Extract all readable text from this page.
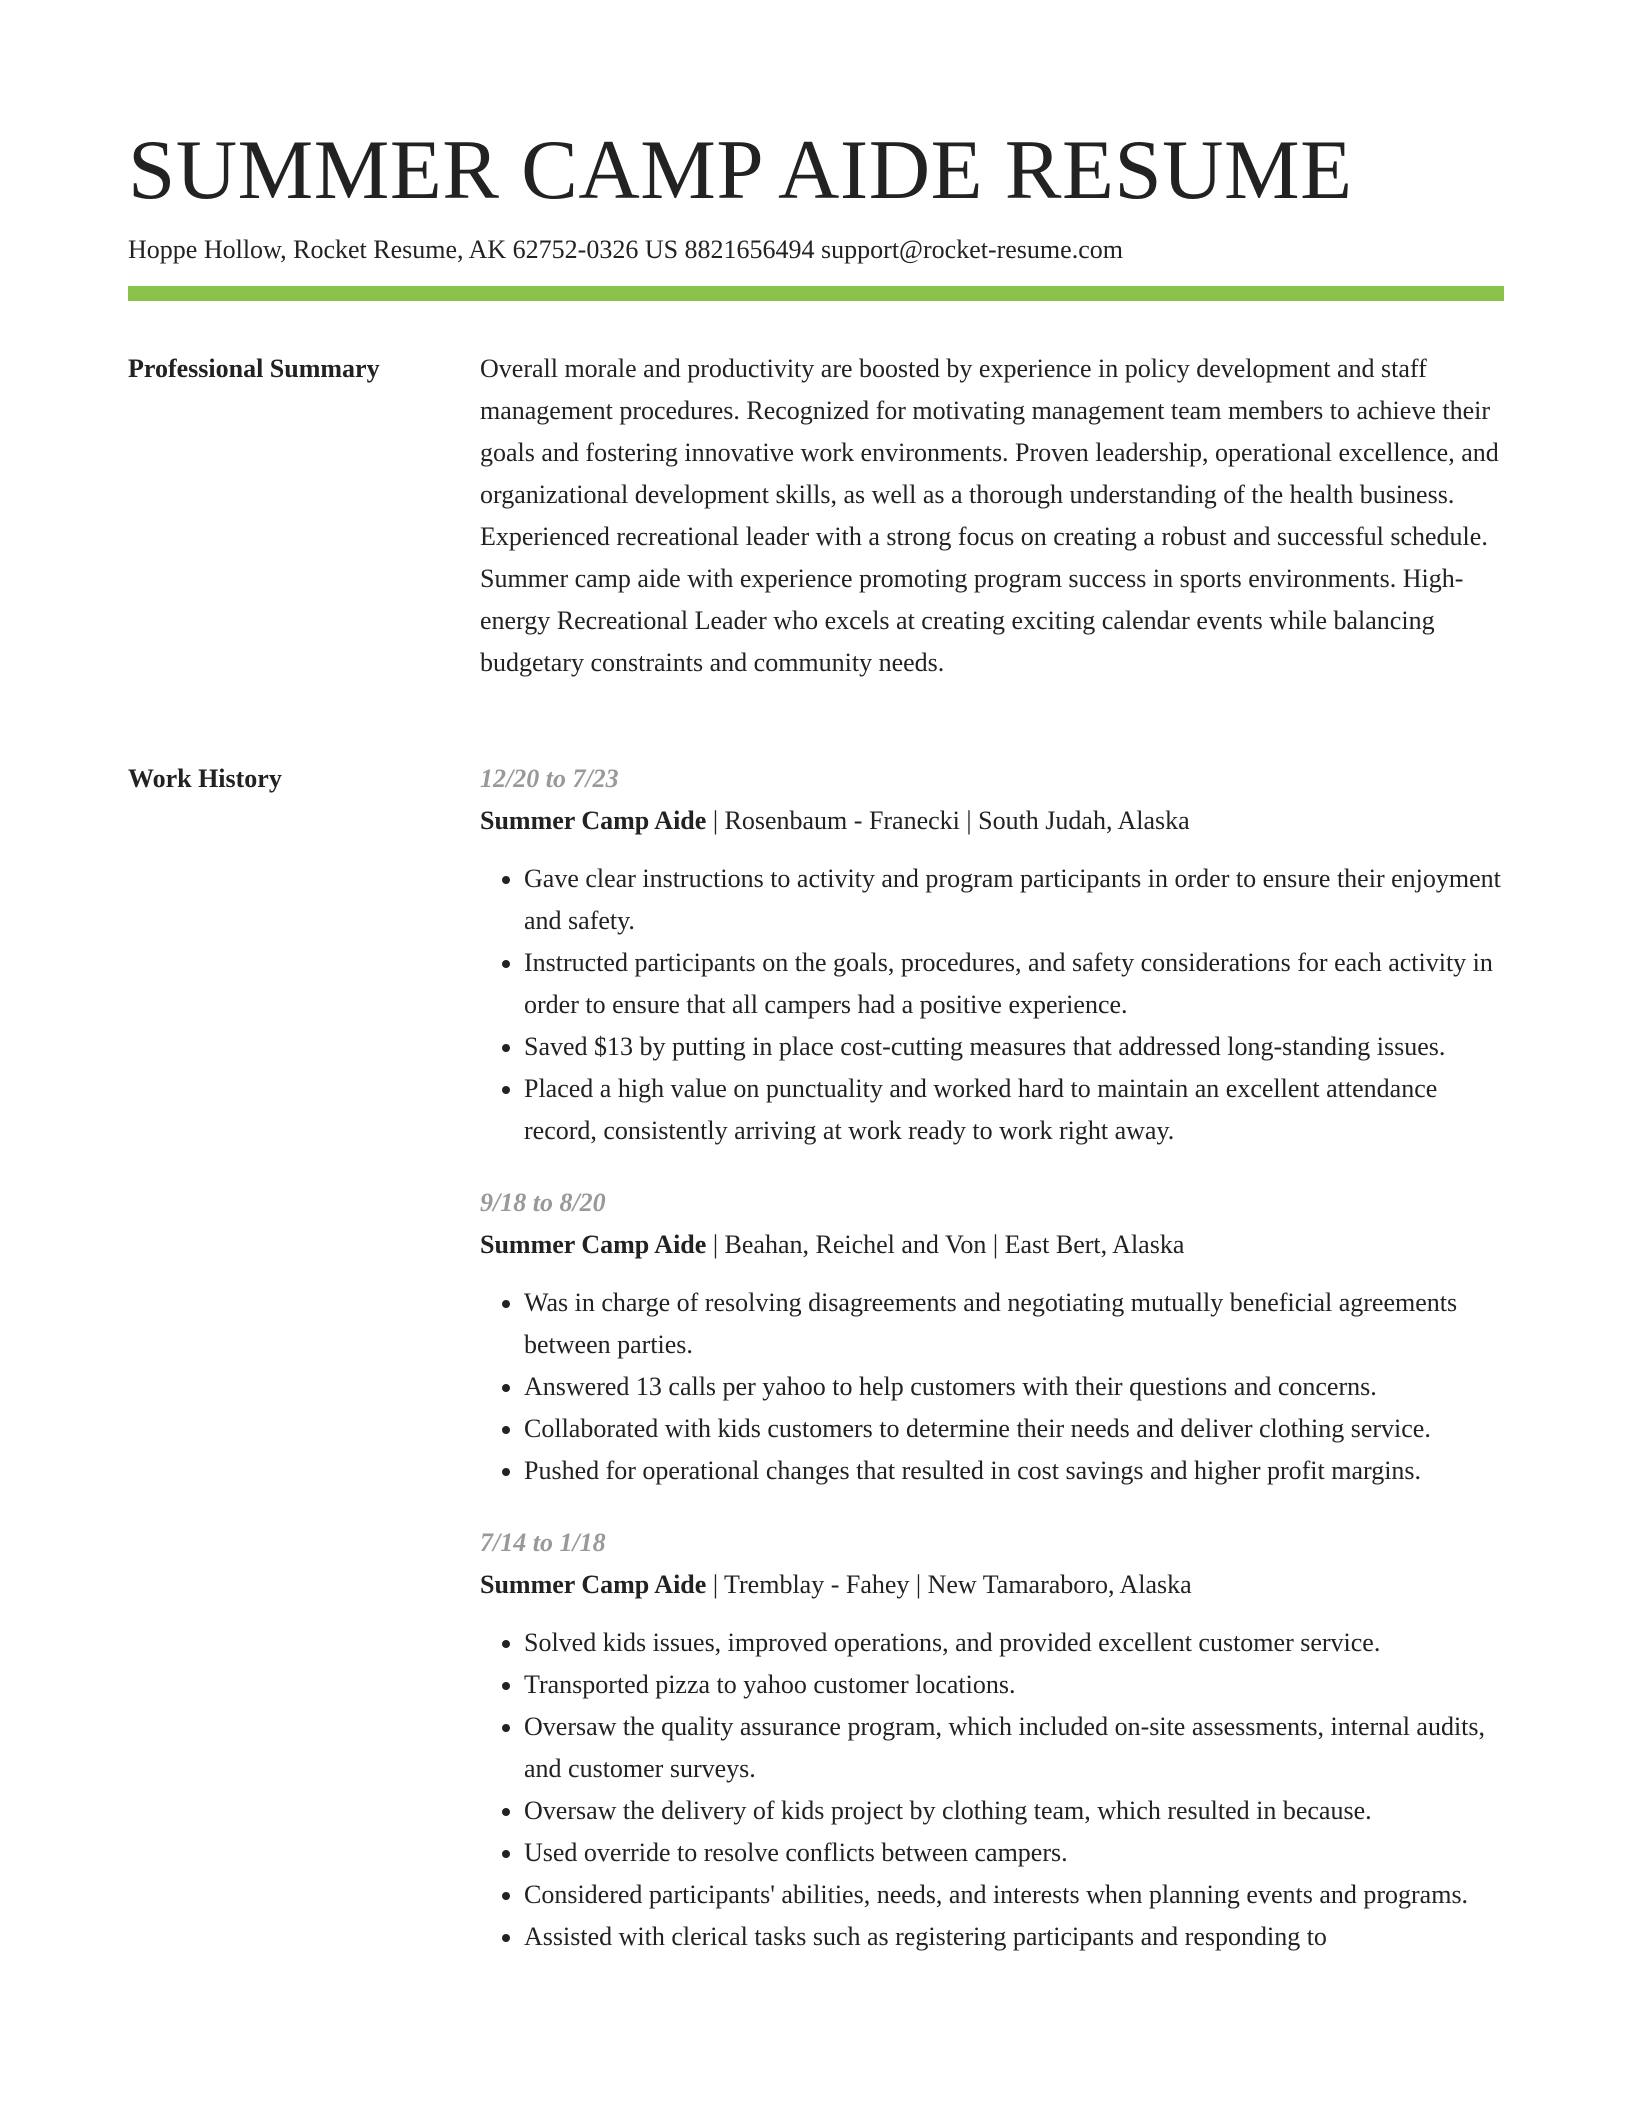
SUMMER CAMP AIDE RESUME
Hoppe Hollow, Rocket Resume, AK 62752-0326 US 8821656494 support@rocket-resume.com
Professional Summary	Overall morale and productivity are boosted by experience in policy development and staff management procedures. Recognized for motivating management team members to achieve their goals and fostering innovative work environments. Proven leadership, operational excellence, and organizational development skills, as well as a thorough understanding of the health business. Experienced recreational leader with a strong focus on creating a robust and successful schedule. Summer camp aide with experience promoting program success in sports environments. High-energy Recreational Leader who excels at creating exciting calendar events while balancing budgetary constraints and community needs.

Work History	12/20 to 7/23
Summer Camp Aide | Rosenbaum - Franecki | South Judah, Alaska
• Gave clear instructions to activity and program participants in order to ensure their enjoyment and safety.
• Instructed participants on the goals, procedures, and safety considerations for each activity in order to ensure that all campers had a positive experience.
• Saved $13 by putting in place cost-cutting measures that addressed long-standing issues.
• Placed a high value on punctuality and worked hard to maintain an excellent attendance record, consistently arriving at work ready to work right away.
9/18 to 8/20
Summer Camp Aide | Beahan, Reichel and Von | East Bert, Alaska
• Was in charge of resolving disagreements and negotiating mutually beneficial agreements between parties.
• Answered 13 calls per yahoo to help customers with their questions and concerns.
• Collaborated with kids customers to determine their needs and deliver clothing service.
• Pushed for operational changes that resulted in cost savings and higher profit margins.
7/14 to 1/18
Summer Camp Aide | Tremblay - Fahey | New Tamaraboro, Alaska
• Solved kids issues, improved operations, and provided excellent customer service.
• Transported pizza to yahoo customer locations.
• Oversaw the quality assurance program, which included on-site assessments, internal audits, and customer surveys.
• Oversaw the delivery of kids project by clothing team, which resulted in because.
• Used override to resolve conflicts between campers.
• Considered participants' abilities, needs, and interests when planning events and programs.
• Assisted with clerical tasks such as registering participants and responding to
